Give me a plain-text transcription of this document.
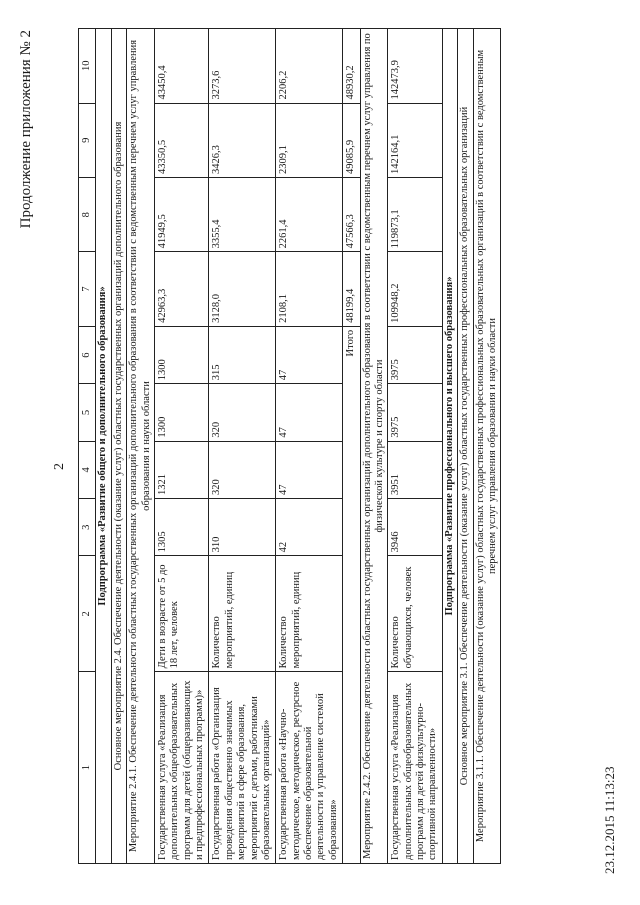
Продолжение приложения № 2
2
1	2	3	4	5	6	7	8	9	10
Подпрограмма «Развитие общего и дополнительного образования»									
Основное мероприятие 2.4. Обеспечение деятельности (оказание услуг) областных государственных организаций дополнительного образования									
Мероприятие 2.4.1. Обеспечение деятельности областных государственных организаций дополнительного образования в соответствии с ведомственным перечнем услуг управления образования и науки области									
Государственная услуга «Реализация дополнительных общеобразовательных программ для детей (общеразвивающих и предпрофессиональных программ)»	Дети в возрасте от 5 до 18 лет, человек	1305	1321	1300	1300	42963,3	41949,5	43350,5	43450,4
Государственная работа «Организация проведения общественно значимых мероприятий в сфере образования, мероприятий с детьми, работниками образовательных организаций»	Количество мероприятий, единиц	310	320	320	315	3128,0	3355,4	3426,3	3273,6
Государственная работа «Научно-методическое, методическое, ресурсное обеспечение образовательной деятельности и управление системой образования»	Количество мероприятий, единиц	42	47	47	47	2108,1	2261,4	2309,1	2206,2
Итого						48199,4	47566,3	49085,9	48930,2
Мероприятие 2.4.2. Обеспечение деятельности областных государственных организаций дополнительного образования в соответствии с ведомственным перечнем услуг управления по физической культуре и спорту области									
Государственная услуга «Реализация дополнительных общеобразовательных программ для детей физкультурно-спортивной направленности»	Количество обучающихся, человек	3946	3951	3975	3975	109948,2	119873,1	142164,1	142473,9
Подпрограмма «Развитие профессионального и высшего образования»									
Основное мероприятие 3.1. Обеспечение деятельности (оказание услуг) областных государственных профессиональных образовательных организаций									
Мероприятие 3.1.1. Обеспечение деятельности (оказание услуг) областных государственных профессиональных образовательных организаций в соответствии с ведомственным перечнем услуг управления образования и науки области									
23.12.2015 11:13:23
